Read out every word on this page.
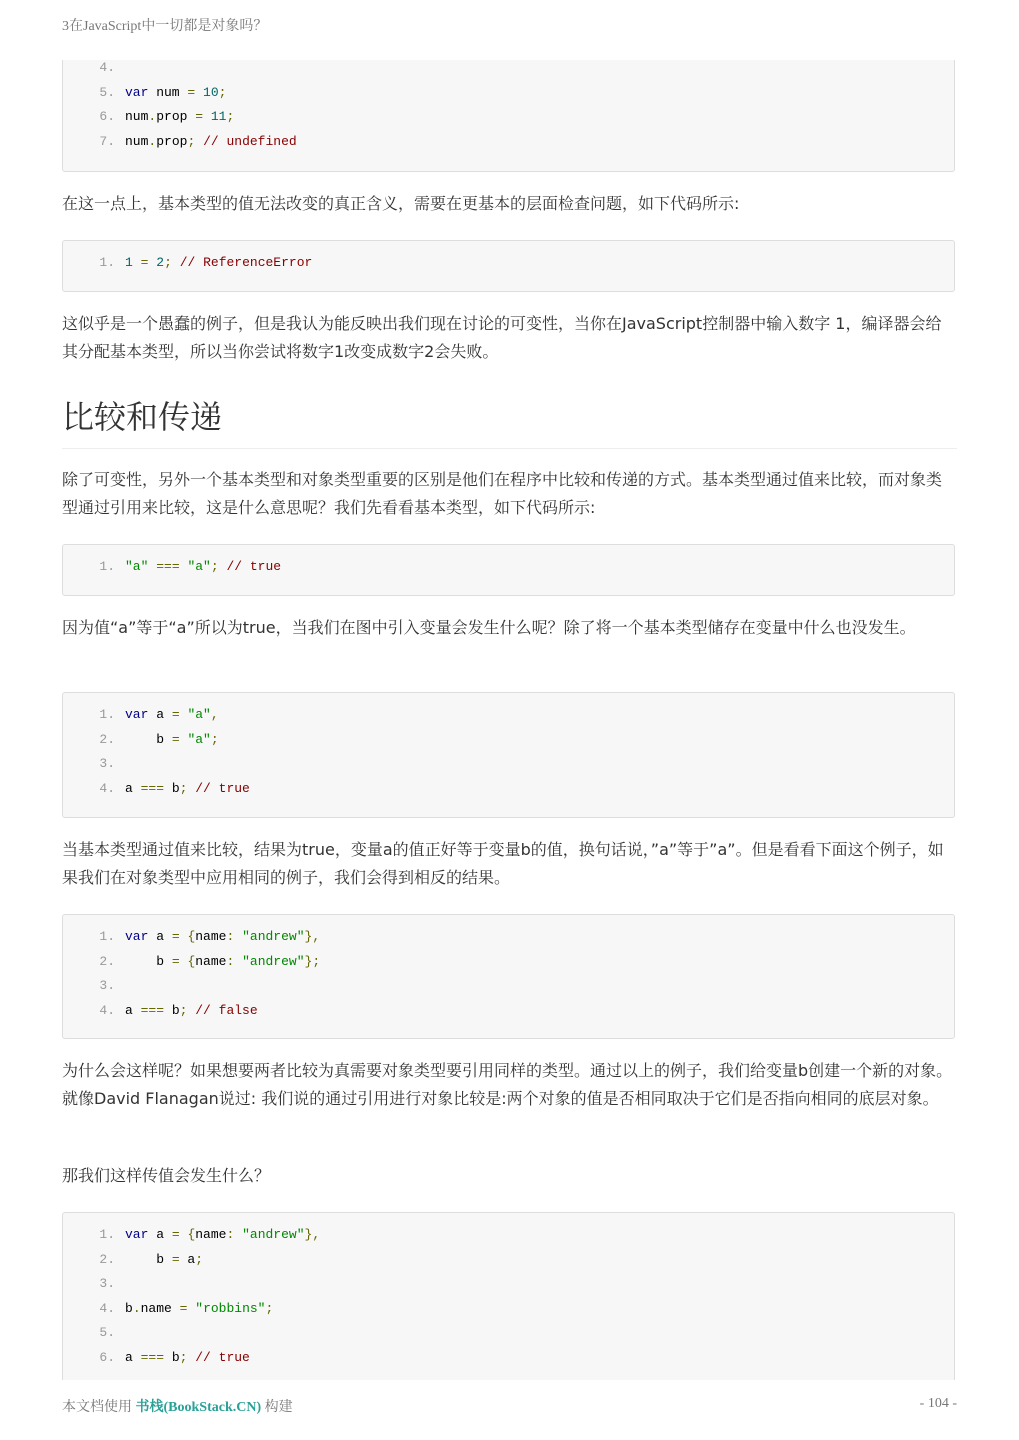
3在JavaScript中一切都是对象吗？
4.
5. var num = 10;
6. num.prop = 11;
7. num.prop; // undefined

在这一点上，基本类型的值无法改变的真正含义，需要在更基本的层面检查问题，如下代码所示:

1. 1 = 2; // ReferenceError

这似乎是一个愚蠢的例子，但是我认为能反映出我们现在讨论的可变性，当你在JavaScript控制器中输入数字 1，编译器会给其分配基本类型，所以当你尝试将数字1改变成数字2会失败。

比较和传递

除了可变性，另外一个基本类型和对象类型重要的区别是他们在程序中比较和传递的方式。基本类型通过值来比较，而对象类型通过引用来比较，这是什么意思呢？我们先看看基本类型，如下代码所示:

1. "a" === "a"; // true

因为值“a”等于“a”所以为true，当我们在图中引入变量会发生什么呢？除了将一个基本类型储存在变量中什么也没发生。

1. var a = "a",
2.    b = "a";
3.
4. a === b; // true

当基本类型通过值来比较，结果为true，变量a的值正好等于变量b的值，换句话说，”a”等于”a”。但是看看下面这个例子，如果我们在对象类型中应用相同的例子，我们会得到相反的结果。

1. var a = {name: "andrew"},
2.    b = {name: "andrew"};
3.
4. a === b; // false

为什么会这样呢？如果想要两者比较为真需要对象类型要引用同样的类型。通过以上的例子，我们给变量b创建一个新的对象。就像David Flanagan说过: 我们说的通过引用进行对象比较是:两个对象的值是否相同取决于它们是否指向相同的底层对象。

那我们这样传值会发生什么？

1. var a = {name: "andrew"},
2.    b = a;
3.
4. b.name = "robbins";
5.
6. a === b; // true
本文档使用 书栈(BookStack.CN) 构建	- 104 -
